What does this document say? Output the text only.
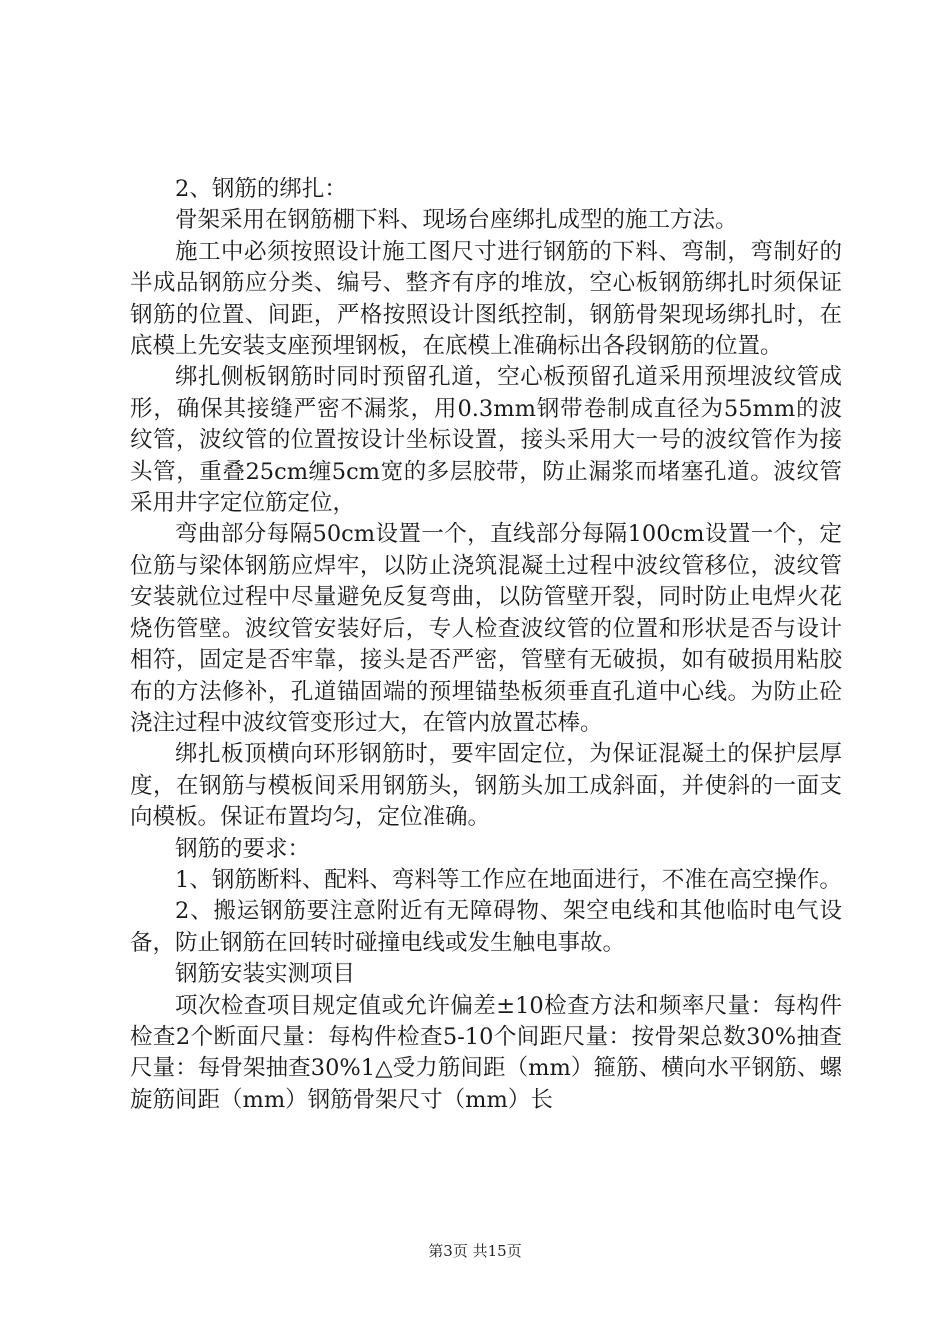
2、钢筋的绑扎：

骨架采用在钢筋棚下料、现场台座绑扎成型的施工方法。

施工中必须按照设计施工图尺寸进行钢筋的下料、弯制，弯制好的半成品钢筋应分类、编号、整齐有序的堆放，空心板钢筋绑扎时须保证钢筋的位置、间距，严格按照设计图纸控制，钢筋骨架现场绑扎时，在底模上先安装支座预埋钢板，在底模上准确标出各段钢筋的位置。

绑扎侧板钢筋时同时预留孔道，空心板预留孔道采用预埋波纹管成形，确保其接缝严密不漏浆，用0.3mm钢带卷制成直径为55mm的波纹管，波纹管的位置按设计坐标设置，接头采用大一号的波纹管作为接头管，重叠25cm缠5cm宽的多层胶带，防止漏浆而堵塞孔道。波纹管采用井字定位筋定位，

弯曲部分每隔50cm设置一个，直线部分每隔100cm设置一个，定位筋与梁体钢筋应焊牢，以防止浇筑混凝土过程中波纹管移位，波纹管安装就位过程中尽量避免反复弯曲，以防管壁开裂，同时防止电焊火花烧伤管壁。波纹管安装好后，专人检查波纹管的位置和形状是否与设计相符，固定是否牢靠，接头是否严密，管壁有无破损，如有破损用粘胶布的方法修补，孔道锚固端的预埋锚垫板须垂直孔道中心线。为防止砼浇注过程中波纹管变形过大，在管内放置芯棒。

绑扎板顶横向环形钢筋时，要牢固定位，为保证混凝土的保护层厚度，在钢筋与模板间采用钢筋头，钢筋头加工成斜面，并使斜的一面支向模板。保证布置均匀，定位准确。

钢筋的要求：

1、钢筋断料、配料、弯料等工作应在地面进行，不准在高空操作。

2、搬运钢筋要注意附近有无障碍物、架空电线和其他临时电气设备，防止钢筋在回转时碰撞电线或发生触电事故。

钢筋安装实测项目

项次检查项目规定值或允许偏差±10检查方法和频率尺量：每构件检查2个断面尺量：每构件检查5-10个间距尺量：按骨架总数30%抽查尺量：每骨架抽查30%1△受力筋间距（mm）箍筋、横向水平钢筋、螺旋筋间距（mm）钢筋骨架尺寸（mm）长

第3页 共15页
